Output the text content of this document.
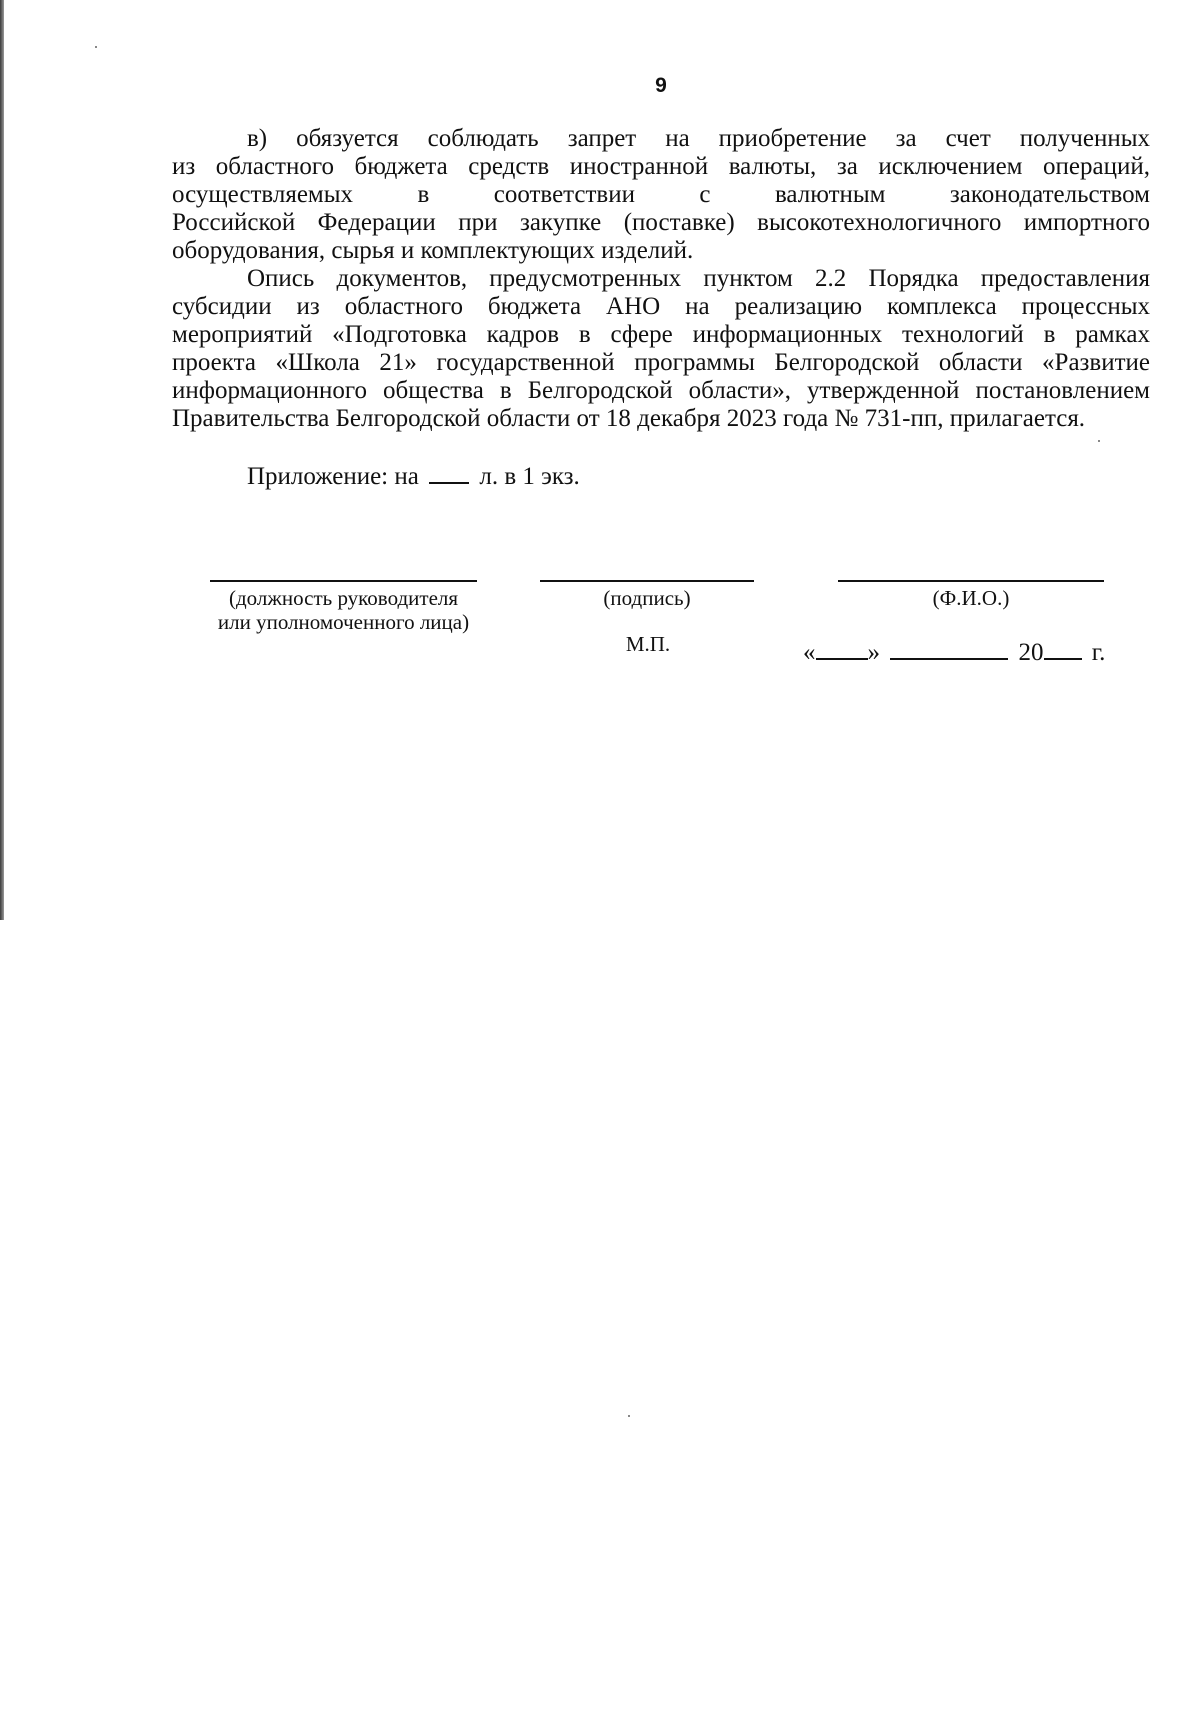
9
в) обязуется соблюдать запрет на приобретение за счет полученных
из областного бюджета средств иностранной валюты, за исключением операций,
осуществляемых в соответствии с валютным законодательством
Российской Федерации при закупке (поставке) высокотехнологичного импортного
оборудования, сырья и комплектующих изделий.
Опись документов, предусмотренных пунктом 2.2 Порядка предоставления
субсидии из областного бюджета АНО на реализацию комплекса процессных
мероприятий «Подготовка кадров в сфере информационных технологий в рамках
проекта «Школа 21» государственной программы Белгородской области «Развитие
информационного общества в Белгородской области», утвержденной постановлением
Правительства Белгородской области от 18 декабря 2023 года № 731-пп, прилагается.
Приложение: на л. в 1 экз.
(должность руководителя
или уполномоченного лица)
(подпись)	(Ф.И.О.)
М.П.	« »	20 г.
